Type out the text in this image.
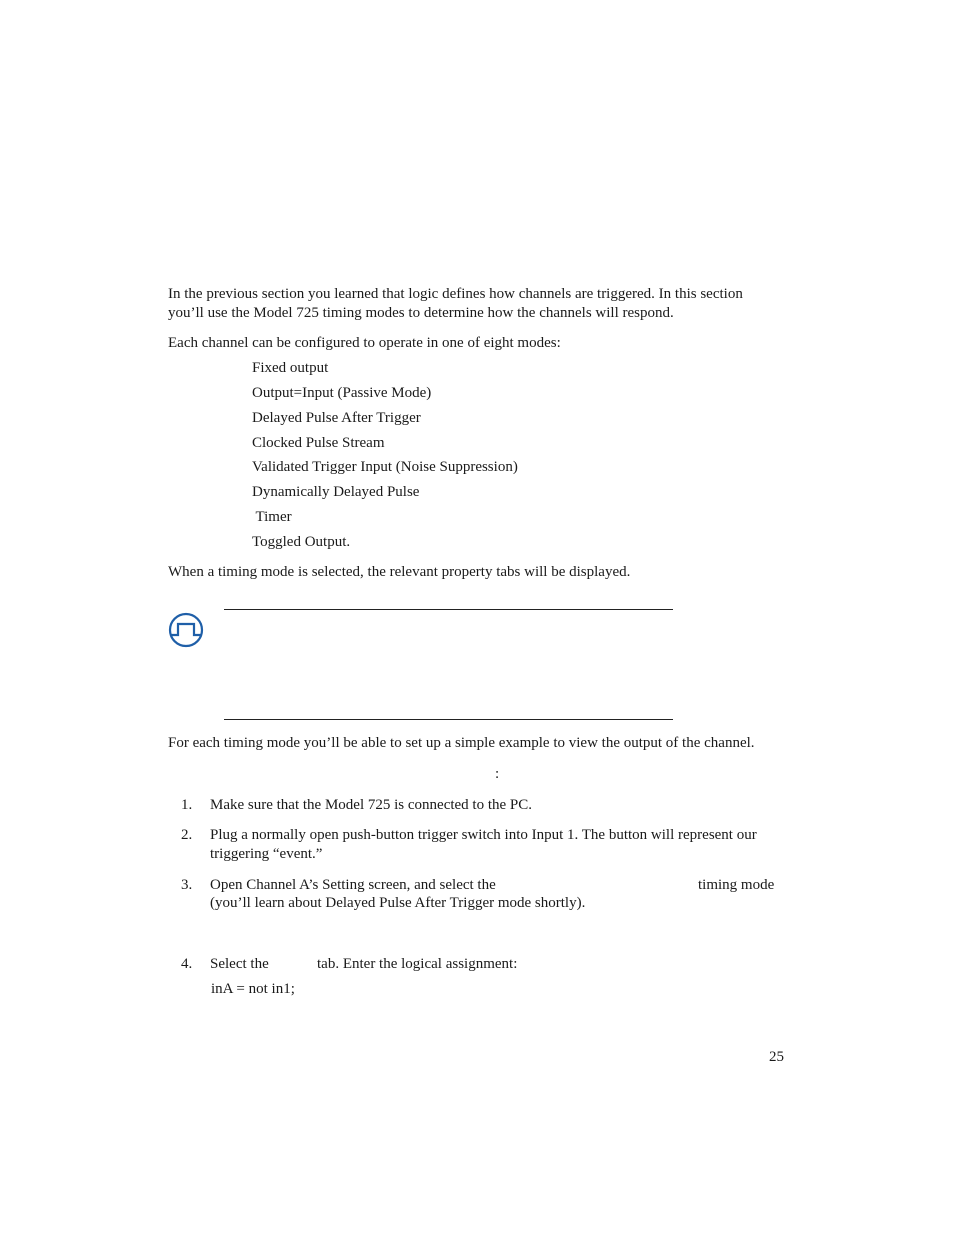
In the previous section you learned that logic defines how channels are triggered. In this section
you’ll use the Model 725 timing modes to determine how the channels will respond.
Each channel can be configured to operate in one of eight modes:
Fixed output
Output=Input (Passive Mode)
Delayed Pulse After Trigger
Clocked Pulse Stream
Validated Trigger Input (Noise Suppression)
Dynamically Delayed Pulse
Timer
Toggled Output.
When a timing mode is selected, the relevant property tabs will be displayed.
For each timing mode you’ll be able to set up a simple example to view the output of the channel.
:
1. Make sure that the Model 725 is connected to the PC.
2. Plug a normally open push-button trigger switch into Input 1. The button will represent our
triggering “event.”
3. Open Channel A’s Setting screen, and select the	timing mode
(you’ll learn about Delayed Pulse After Trigger mode shortly).
4. Select the	tab. Enter the logical assignment:
inA = not in1;
25
